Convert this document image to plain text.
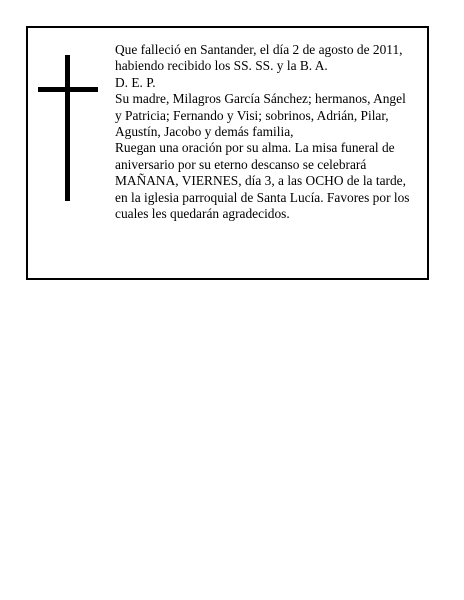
Que falleció en Santander, el día 2 de agosto de 2011,
habiendo recibido los SS. SS. y la B. A.
D. E. P.
Su madre, Milagros García Sánchez; hermanos, Angel
y Patricia; Fernando y Visi; sobrinos, Adrián, Pilar,
Agustín, Jacobo y demás familia,
Ruegan una oración por su alma. La misa funeral de
aniversario por su eterno descanso se celebrará
MAÑANA, VIERNES, día 3, a las OCHO de la tarde,
en la iglesia parroquial de Santa Lucía. Favores por los
cuales les quedarán agradecidos.
